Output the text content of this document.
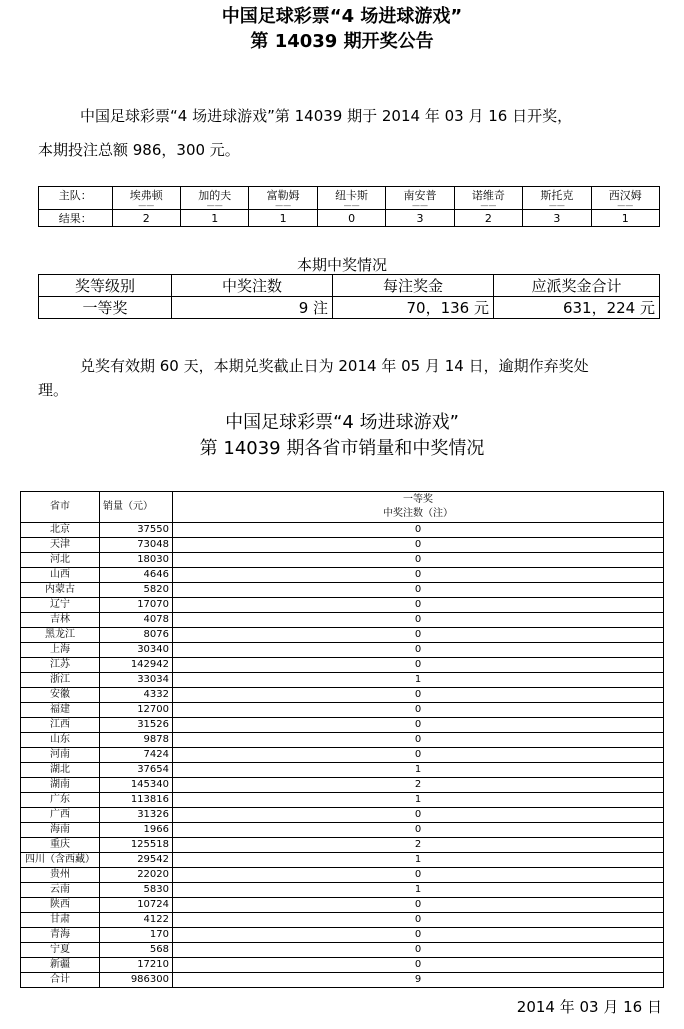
中国足球彩票“4 场进球游戏”
第 14039 期开奖公告
中国足球彩票“4 场进球游戏”第 14039 期于 2014 年 03 月 16 日开奖，
本期投注总额 986，300 元。
主队：	埃弗顿	加的夫	富勒姆	纽卡斯	南安普	诺维奇	斯托克	西汉姆
	——	——	——	——	——	——	——	——
结果：	2	1	1	0	3	2	3	1
本期中奖情况
奖等级别	中奖注数	每注奖金	应派奖金合计
一等奖	9 注	70，136 元	631，224 元
兑奖有效期 60 天，本期兑奖截止日为 2014 年 05 月 14 日，逾期作弃奖处
理。
中国足球彩票“4 场进球游戏”
第 14039 期各省市销量和中奖情况
省市	销量（元）	一等奖
中奖注数（注）

北京	37550	0
天津	73048	0
河北	18030	0
山西	4646	0
内蒙古	5820	0
辽宁	17070	0
吉林	4078	0
黑龙江	8076	0
上海	30340	0
江苏	142942	0
浙江	33034	1
安徽	4332	0
福建	12700	0
江西	31526	0
山东	9878	0
河南	7424	0
湖北	37654	1
湖南	145340	2
广东	113816	1
广西	31326	0
海南	1966	0
重庆	125518	2
四川（含西藏）	29542	1
贵州	22020	0
云南	5830	1
陕西	10724	0
甘肃	4122	0
青海	170	0
宁夏	568	0
新疆	17210	0
合计	986300	9
2014 年 03 月 16 日
